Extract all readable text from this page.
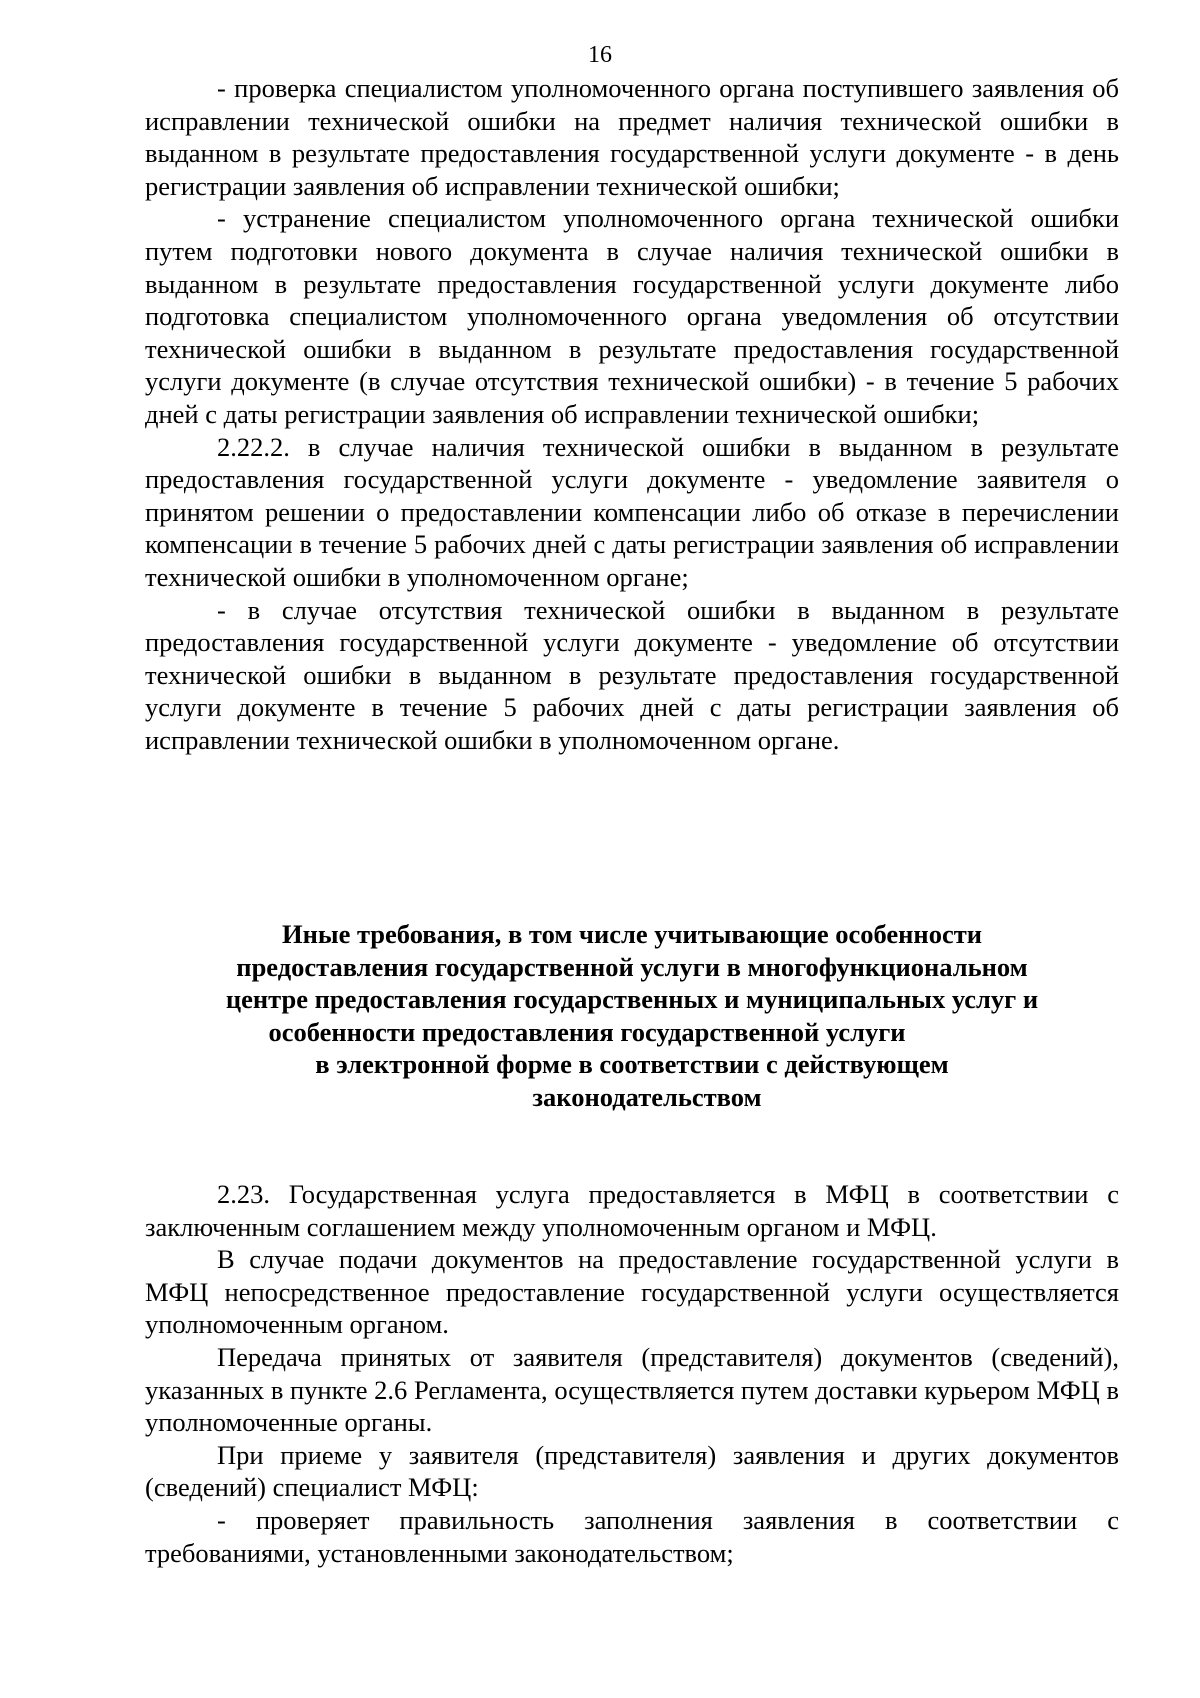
16

- проверка специалистом уполномоченного органа поступившего заявления об исправлении технической ошибки на предмет наличия технической ошибки в выданном в результате предоставления государственной услуги документе - в день регистрации заявления об исправлении технической ошибки;

- устранение специалистом уполномоченного органа технической ошибки путем подготовки нового документа в случае наличия технической ошибки в выданном в результате предоставления государственной услуги документе либо подготовка специалистом уполномоченного органа уведомления об отсутствии технической ошибки в выданном в результате предоставления государственной услуги документе (в случае отсутствия технической ошибки) - в течение 5 рабочих дней с даты регистрации заявления об исправлении технической ошибки;

2.22.2. в случае наличия технической ошибки в выданном в результате предоставления государственной услуги документе - уведомление заявителя о принятом решении о предоставлении компенсации либо об отказе в перечислении компенсации в течение 5 рабочих дней с даты регистрации заявления об исправлении технической ошибки в уполномоченном органе;

- в случае отсутствия технической ошибки в выданном в результате предоставления государственной услуги документе - уведомление об отсутствии технической ошибки в выданном в результате предоставления государственной услуги документе в течение 5 рабочих дней с даты регистрации заявления об исправлении технической ошибки в уполномоченном органе.

Иные требования, в том числе учитывающие особенности
предоставления государственной услуги в многофункциональном
центре предоставления государственных и муниципальных услуг и
особенности предоставления государственной услуги
в электронной форме в соответствии с действующем
законодательством

2.23. Государственная услуга предоставляется в МФЦ в соответствии с заключенным соглашением между уполномоченным органом и МФЦ.

В случае подачи документов на предоставление государственной услуги в МФЦ непосредственное предоставление государственной услуги осуществляется уполномоченным органом.

Передача принятых от заявителя (представителя) документов (сведений), указанных в пункте 2.6 Регламента, осуществляется путем доставки курьером МФЦ в уполномоченные органы.

При приеме у заявителя (представителя) заявления и других документов (сведений) специалист МФЦ:

- проверяет правильность заполнения заявления в соответствии с требованиями, установленными законодательством;
